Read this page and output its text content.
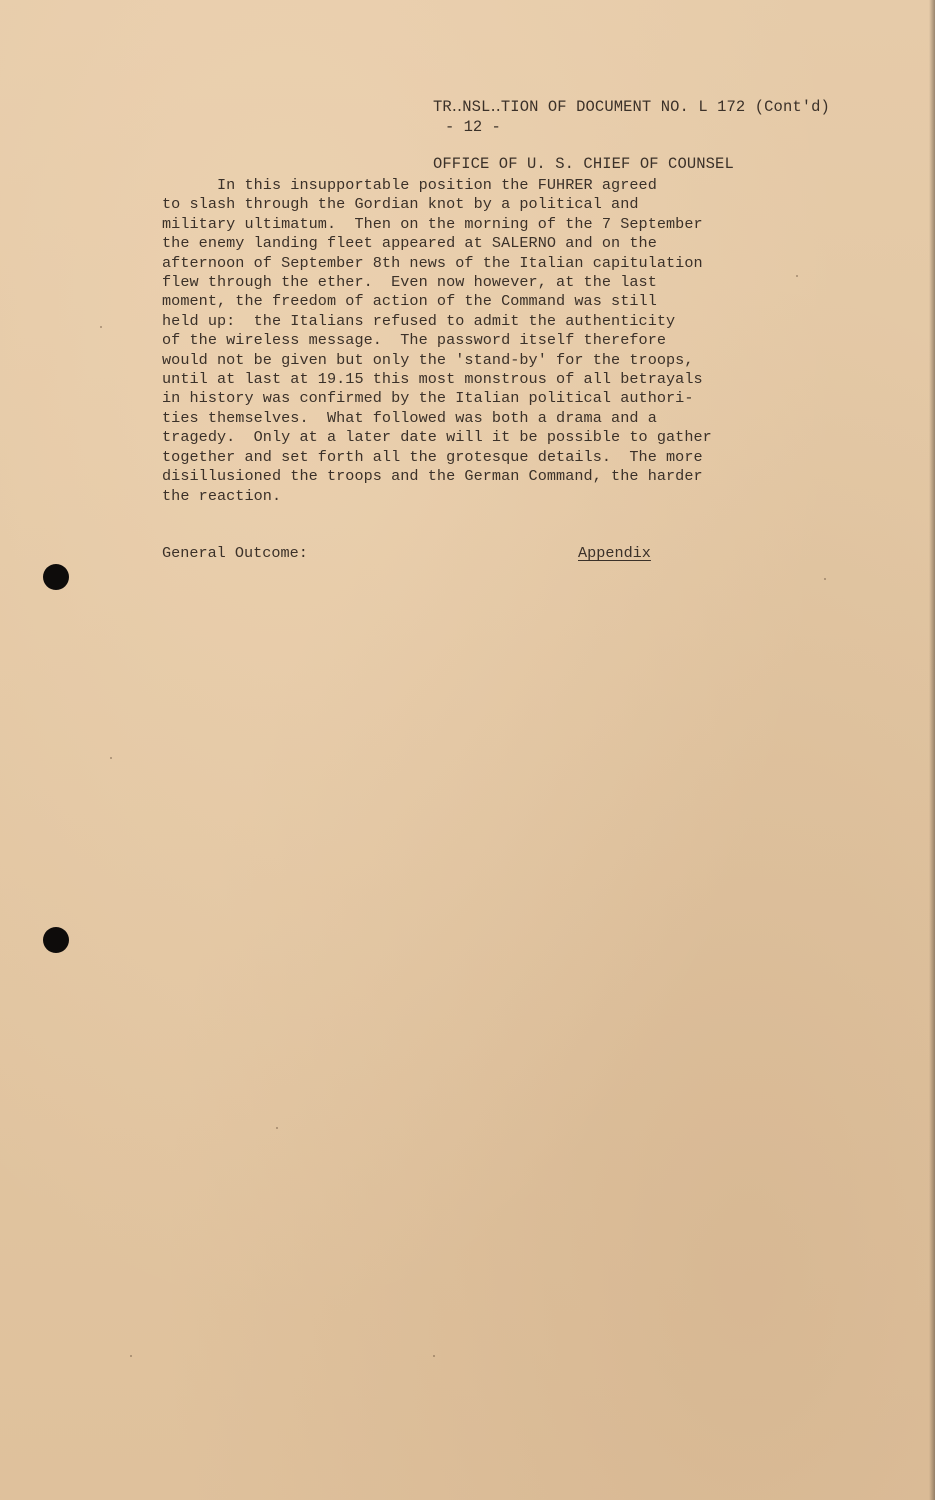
TR‥NSL‥TION OF DOCUMENT NO. L 172 (Cont'd)

OFFICE OF U. S. CHIEF OF COUNSEL

- 12 -
In this insupportable position the FUHRER agreed
to slash through the Gordian knot by a political and
military ultimatum.  Then on the morning of the 7 September
the enemy landing fleet appeared at SALERNO and on the
afternoon of September 8th news of the Italian capitulation
flew through the ether.  Even now however, at the last
moment, the freedom of action of the Command was still
held up:  the Italians refused to admit the authenticity
of the wireless message.  The password itself therefore
would not be given but only the 'stand-by' for the troops,
until at last at 19.15 this most monstrous of all betrayals
in history was confirmed by the Italian political authori-
ties themselves.  What followed was both a drama and a
tragedy.  Only at a later date will it be possible to gather
together and set forth all the grotesque details.  The more
disillusioned the troops and the German Command, the harder
the reaction.
General Outcome:	Appendix
